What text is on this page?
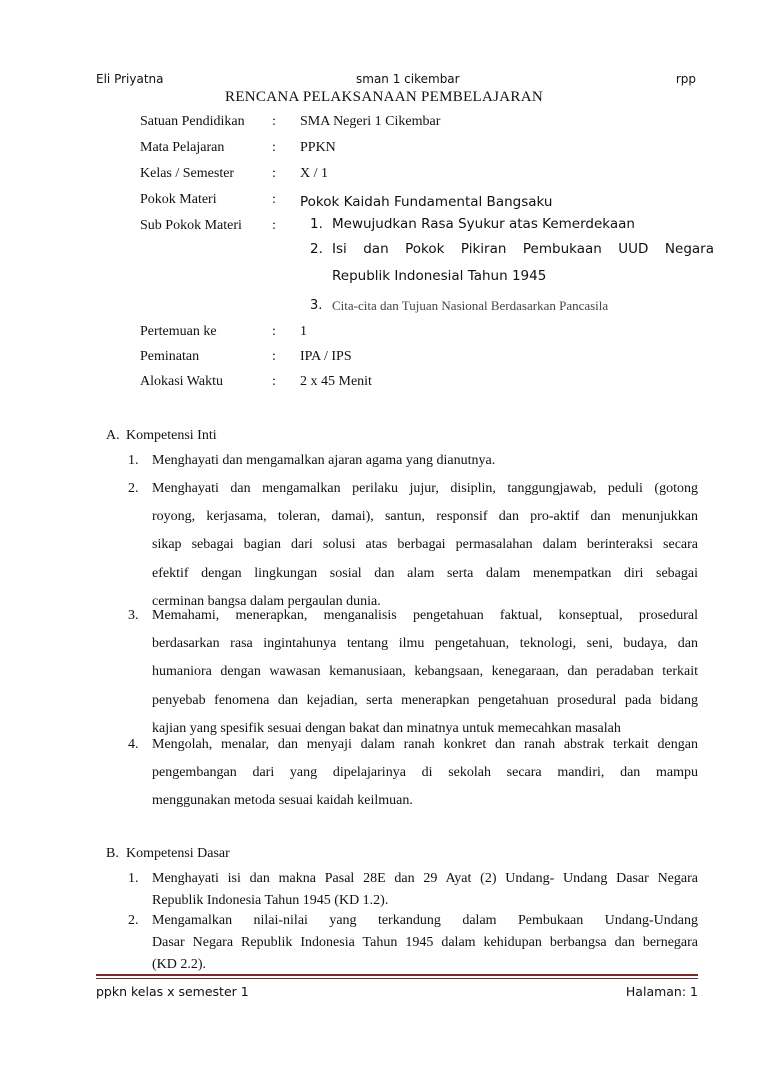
Eli Priyatna	sman 1 cikembar	rpp
RENCANA PELAKSANAAN PEMBELAJARAN
Satuan Pendidikan : SMA Negeri 1 Cikembar
Mata Pelajaran	: PPKN
Kelas / Semester	: X / 1
Pokok Materi	: Pokok Kaidah Fundamental Bangsaku
Sub Pokok Materi :	1. Mewujudkan Rasa Syukur atas Kemerdekaan
2. Isi dan Pokok Pikiran Pembukaan UUD Negara
Republik Indonesial Tahun 1945
3. Cita-cita dan Tujuan Nasional Berdasarkan Pancasila
Pertemuan ke	: 1
Peminatan	: IPA / IPS
Alokasi Waktu	: 2 x 45 Menit
A. Kompetensi Inti
1. Menghayati dan mengamalkan ajaran agama yang dianutnya.
2. Menghayati dan mengamalkan perilaku jujur, disiplin, tanggungjawab, peduli (gotong
royong, kerjasama, toleran, damai), santun, responsif dan pro-aktif dan menunjukkan
sikap sebagai bagian dari solusi atas berbagai permasalahan dalam berinteraksi secara
efektif dengan lingkungan sosial dan alam serta dalam menempatkan diri sebagai
cerminan bangsa dalam pergaulan dunia.
3. Memahami, menerapkan, menganalisis pengetahuan faktual, konseptual, prosedural
berdasarkan rasa ingintahunya tentang ilmu pengetahuan, teknologi, seni, budaya, dan
humaniora dengan wawasan kemanusiaan, kebangsaan, kenegaraan, dan peradaban terkait
penyebab fenomena dan kejadian, serta menerapkan pengetahuan prosedural pada bidang
kajian yang spesifik sesuai dengan bakat dan minatnya untuk memecahkan masalah
4. Mengolah, menalar, dan menyaji dalam ranah konkret dan ranah abstrak terkait dengan
pengembangan dari yang dipelajarinya di sekolah secara mandiri, dan mampu
menggunakan metoda sesuai kaidah keilmuan.
B. Kompetensi Dasar
1. Menghayati isi dan makna Pasal 28E dan 29 Ayat (2) Undang- Undang Dasar Negara
Republik Indonesia Tahun 1945 (KD 1.2).
2. Mengamalkan nilai-nilai yang terkandung dalam Pembukaan Undang-Undang
Dasar Negara Republik Indonesia Tahun 1945 dalam kehidupan berbangsa dan bernegara
(KD 2.2).
ppkn kelas x semester 1	Halaman: 1
